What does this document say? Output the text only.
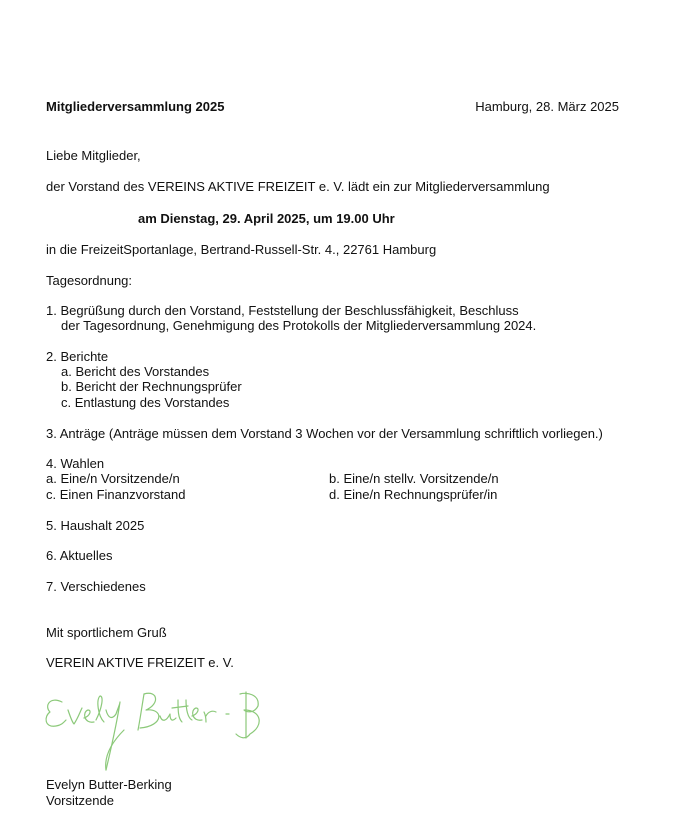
Mitgliederversammlung 2025	Hamburg, 28. März 2025
Liebe Mitglieder,
der Vorstand des VEREINS AKTIVE FREIZEIT e. V. lädt ein zur Mitgliederversammlung
am Dienstag, 29. April 2025, um 19.00 Uhr
in die FreizeitSportanlage, Bertrand-Russell-Str. 4., 22761 Hamburg
Tagesordnung:
1. Begrüßung durch den Vorstand, Feststellung der Beschlussfähigkeit, Beschluss
der Tagesordnung, Genehmigung des Protokolls der Mitgliederversammlung 2024.
2. Berichte
a. Bericht des Vorstandes
b. Bericht der Rechnungsprüfer
c. Entlastung des Vorstandes
3. Anträge (Anträge müssen dem Vorstand 3 Wochen vor der Versammlung schriftlich vorliegen.)
4. Wahlen
a. Eine/n Vorsitzende/n	b. Eine/n stellv. Vorsitzende/n
c. Einen Finanzvorstand	d. Eine/n Rechnungsprüfer/in
5. Haushalt 2025
6. Aktuelles
7. Verschiedenes
Mit sportlichem Gruß
VEREIN AKTIVE FREIZEIT e. V.
Evelyn Butter-Berking
Vorsitzende
